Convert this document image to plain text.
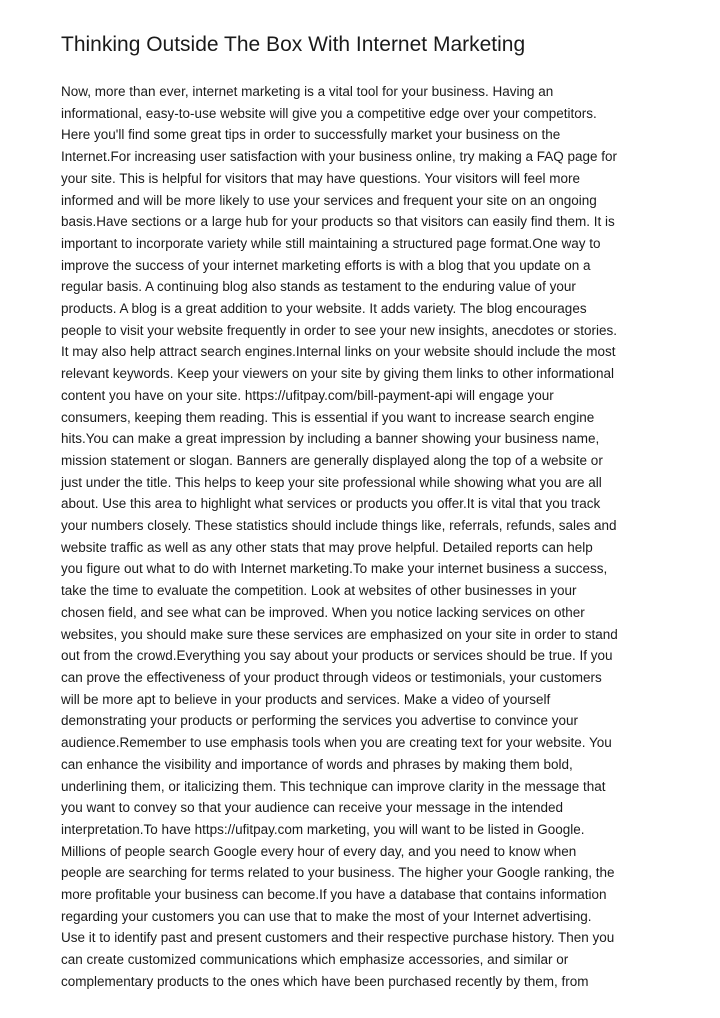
Thinking Outside The Box With Internet Marketing
Now, more than ever, internet marketing is a vital tool for your business. Having an
informational, easy-to-use website will give you a competitive edge over your competitors.
Here you'll find some great tips in order to successfully market your business on the
Internet.For increasing user satisfaction with your business online, try making a FAQ page for
your site. This is helpful for visitors that may have questions. Your visitors will feel more
informed and will be more likely to use your services and frequent your site on an ongoing
basis.Have sections or a large hub for your products so that visitors can easily find them. It is
important to incorporate variety while still maintaining a structured page format.One way to
improve the success of your internet marketing efforts is with a blog that you update on a
regular basis. A continuing blog also stands as testament to the enduring value of your
products. A blog is a great addition to your website. It adds variety. The blog encourages
people to visit your website frequently in order to see your new insights, anecdotes or stories.
It may also help attract search engines.Internal links on your website should include the most
relevant keywords. Keep your viewers on your site by giving them links to other informational
content you have on your site. https://ufitpay.com/bill-payment-api will engage your
consumers, keeping them reading. This is essential if you want to increase search engine
hits.You can make a great impression by including a banner showing your business name,
mission statement or slogan. Banners are generally displayed along the top of a website or
just under the title. This helps to keep your site professional while showing what you are all
about. Use this area to highlight what services or products you offer.It is vital that you track
your numbers closely. These statistics should include things like, referrals, refunds, sales and
website traffic as well as any other stats that may prove helpful. Detailed reports can help
you figure out what to do with Internet marketing.To make your internet business a success,
take the time to evaluate the competition. Look at websites of other businesses in your
chosen field, and see what can be improved. When you notice lacking services on other
websites, you should make sure these services are emphasized on your site in order to stand
out from the crowd.Everything you say about your products or services should be true. If you
can prove the effectiveness of your product through videos or testimonials, your customers
will be more apt to believe in your products and services. Make a video of yourself
demonstrating your products or performing the services you advertise to convince your
audience.Remember to use emphasis tools when you are creating text for your website. You
can enhance the visibility and importance of words and phrases by making them bold,
underlining them, or italicizing them. This technique can improve clarity in the message that
you want to convey so that your audience can receive your message in the intended
interpretation.To have https://ufitpay.com marketing, you will want to be listed in Google.
Millions of people search Google every hour of every day, and you need to know when
people are searching for terms related to your business. The higher your Google ranking, the
more profitable your business can become.If you have a database that contains information
regarding your customers you can use that to make the most of your Internet advertising.
Use it to identify past and present customers and their respective purchase history. Then you
can create customized communications which emphasize accessories, and similar or
complementary products to the ones which have been purchased recently by them, from
